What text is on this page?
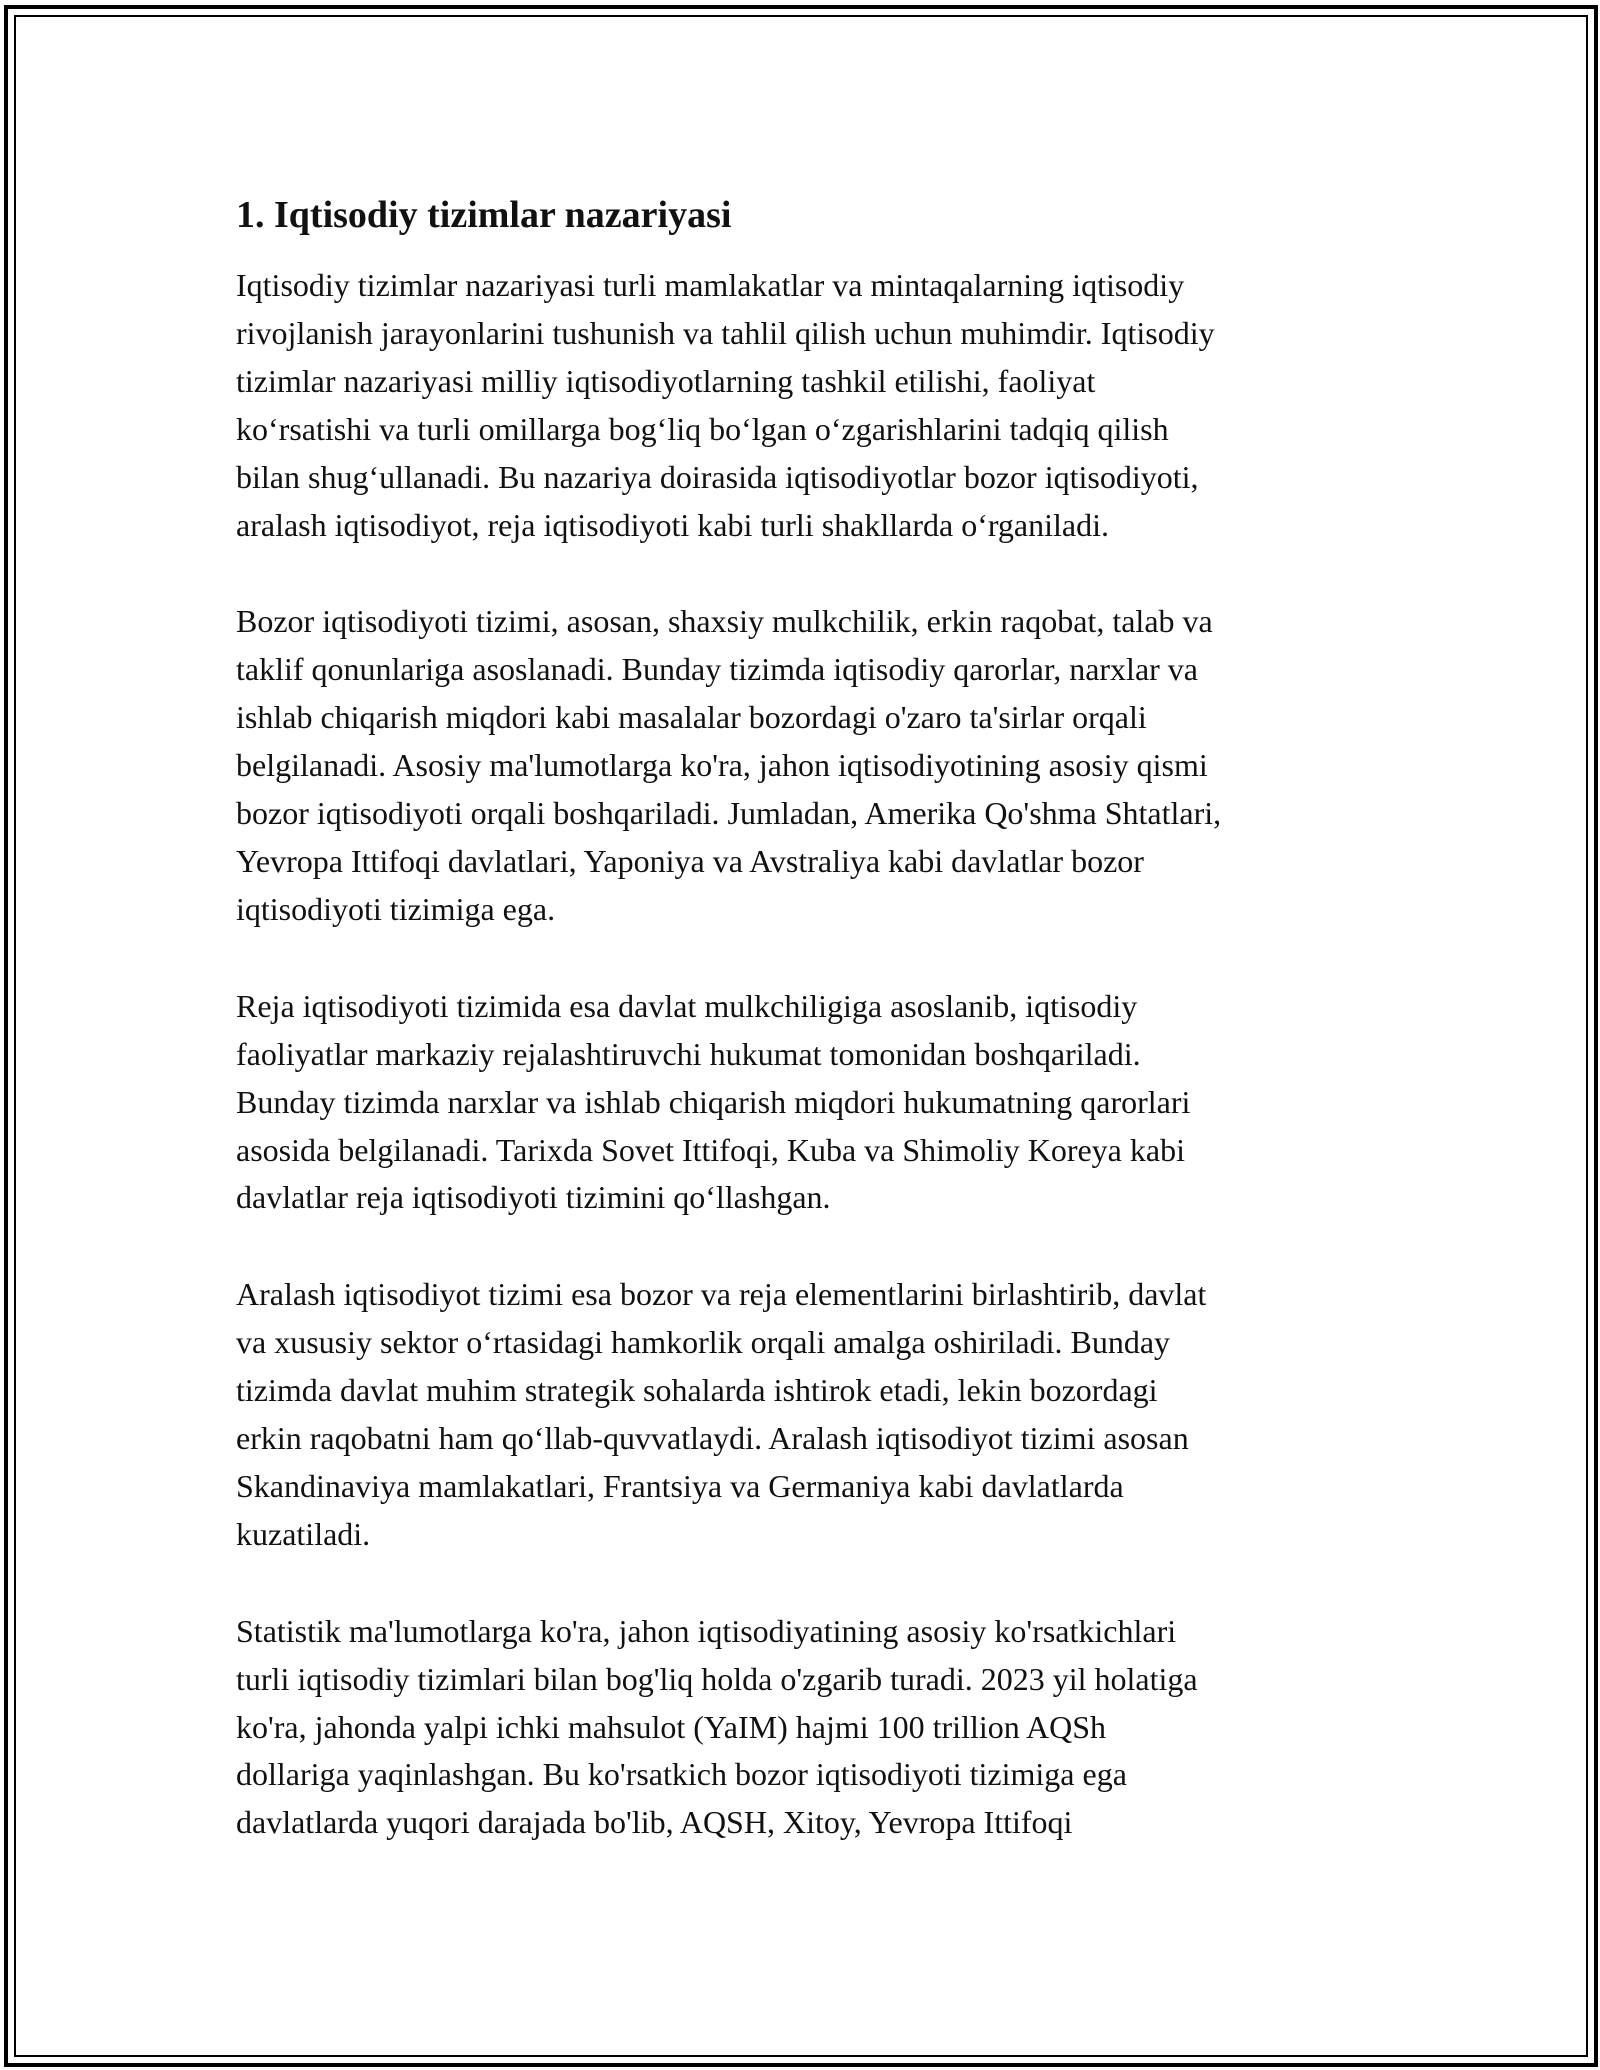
1. Iqtisodiy tizimlar nazariyasi

Iqtisodiy tizimlar nazariyasi turli mamlakatlar va mintaqalarning iqtisodiy
rivojlanish jarayonlarini tushunish va tahlil qilish uchun muhimdir. Iqtisodiy
tizimlar nazariyasi milliy iqtisodiyotlarning tashkil etilishi, faoliyat
ko‘rsatishi va turli omillarga bog‘liq bo‘lgan o‘zgarishlarini tadqiq qilish
bilan shug‘ullanadi. Bu nazariya doirasida iqtisodiyotlar bozor iqtisodiyoti,
aralash iqtisodiyot, reja iqtisodiyoti kabi turli shakllarda o‘rganiladi.

Bozor iqtisodiyoti tizimi, asosan, shaxsiy mulkchilik, erkin raqobat, talab va
taklif qonunlariga asoslanadi. Bunday tizimda iqtisodiy qarorlar, narxlar va
ishlab chiqarish miqdori kabi masalalar bozordagi o'zaro ta'sirlar orqali
belgilanadi. Asosiy ma'lumotlarga ko'ra, jahon iqtisodiyotining asosiy qismi
bozor iqtisodiyoti orqali boshqariladi. Jumladan, Amerika Qo'shma Shtatlari,
Yevropa Ittifoqi davlatlari, Yaponiya va Avstraliya kabi davlatlar bozor
iqtisodiyoti tizimiga ega.

Reja iqtisodiyoti tizimida esa davlat mulkchiligiga asoslanib, iqtisodiy
faoliyatlar markaziy rejalashtiruvchi hukumat tomonidan boshqariladi.
Bunday tizimda narxlar va ishlab chiqarish miqdori hukumatning qarorlari
asosida belgilanadi. Tarixda Sovet Ittifoqi, Kuba va Shimoliy Koreya kabi
davlatlar reja iqtisodiyoti tizimini qo‘llashgan.

Aralash iqtisodiyot tizimi esa bozor va reja elementlarini birlashtirib, davlat
va xususiy sektor o‘rtasidagi hamkorlik orqali amalga oshiriladi. Bunday
tizimda davlat muhim strategik sohalarda ishtirok etadi, lekin bozordagi
erkin raqobatni ham qo‘llab-quvvatlaydi. Aralash iqtisodiyot tizimi asosan
Skandinaviya mamlakatlari, Frantsiya va Germaniya kabi davlatlarda
kuzatiladi.

Statistik ma'lumotlarga ko'ra, jahon iqtisodiyatining asosiy ko'rsatkichlari
turli iqtisodiy tizimlari bilan bog'liq holda o'zgarib turadi. 2023 yil holatiga
ko'ra, jahonda yalpi ichki mahsulot (YaIM) hajmi 100 trillion AQSh
dollariga yaqinlashgan. Bu ko'rsatkich bozor iqtisodiyoti tizimiga ega
davlatlarda yuqori darajada bo'lib, AQSH, Xitoy, Yevropa Ittifoqi
